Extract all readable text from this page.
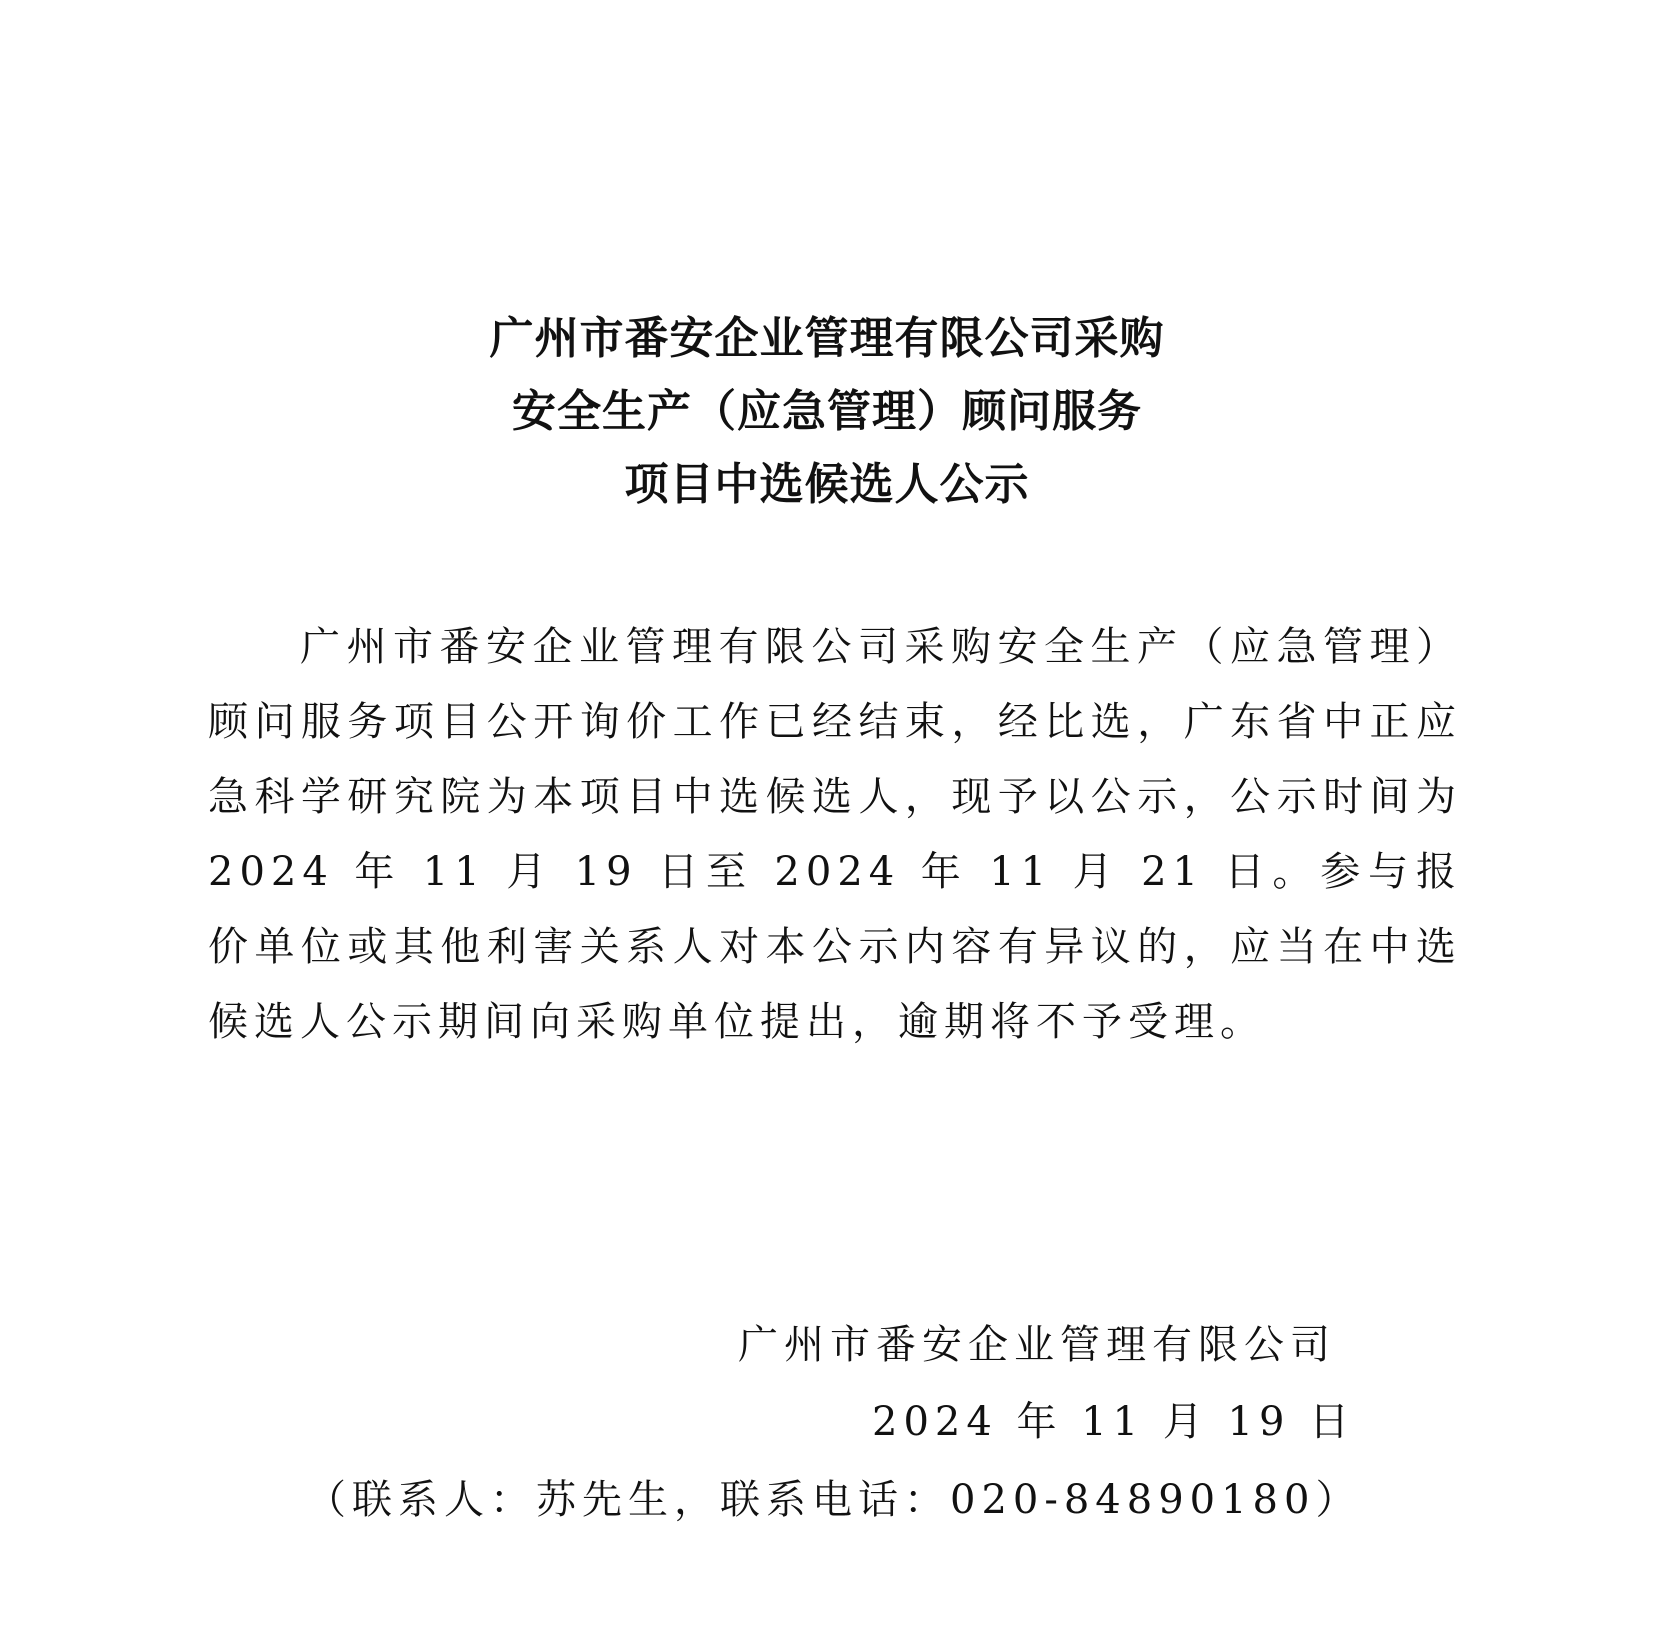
广州市番安企业管理有限公司采购
安全生产（应急管理）顾问服务
项目中选候选人公示

广州市番安企业管理有限公司采购安全生产（应急管理）顾问服务项目公开询价工作已经结束，经比选，广东省中正应急科学研究院为本项目中选候选人，现予以公示，公示时间为 2024 年 11 月 19 日至 2024 年 11 月 21 日。参与报价单位或其他利害关系人对本公示内容有异议的，应当在中选候选人公示期间向采购单位提出，逾期将不予受理。

广州市番安企业管理有限公司
2024 年 11 月 19 日
（联系人：苏先生，联系电话：020-84890180）
